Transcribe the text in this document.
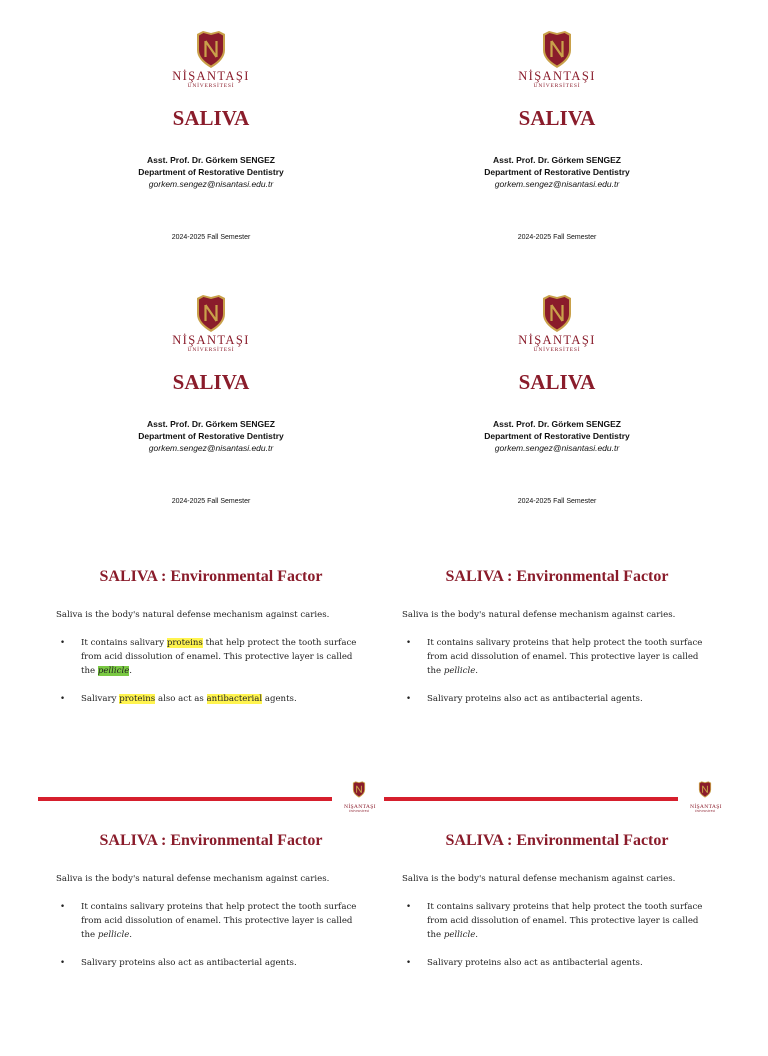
NİŞANTAŞI
ÜNİVERSİTESİ
SALIVA
Asst. Prof. Dr. Görkem SENGEZ
Department of Restorative Dentistry
gorkem.sengez@nisantasi.edu.tr
2024-2025 Fall Semester
NİŞANTAŞI
ÜNİVERSİTESİ
SALIVA
Asst. Prof. Dr. Görkem SENGEZ
Department of Restorative Dentistry
gorkem.sengez@nisantasi.edu.tr
2024-2025 Fall Semester
NİŞANTAŞI
ÜNİVERSİTESİ
SALIVA
Asst. Prof. Dr. Görkem SENGEZ
Department of Restorative Dentistry
gorkem.sengez@nisantasi.edu.tr
2024-2025 Fall Semester
NİŞANTAŞI
ÜNİVERSİTESİ
SALIVA
Asst. Prof. Dr. Görkem SENGEZ
Department of Restorative Dentistry
gorkem.sengez@nisantasi.edu.tr
2024-2025 Fall Semester
SALIVA : Environmental Factor
Saliva is the body's natural defense mechanism against caries.
• It contains salivary proteins that help protect the tooth surface from acid dissolution of enamel. This protective layer is called the pellicle.
• Salivary proteins also act as antibacterial agents.
SALIVA : Environmental Factor
Saliva is the body's natural defense mechanism against caries.
• It contains salivary proteins that help protect the tooth surface from acid dissolution of enamel. This protective layer is called the pellicle.
• Salivary proteins also act as antibacterial agents.
NİŞANTAŞI
ÜNİVERSİTESİ
NİŞANTAŞI
ÜNİVERSİTESİ
SALIVA : Environmental Factor
Saliva is the body's natural defense mechanism against caries.
• It contains salivary proteins that help protect the tooth surface from acid dissolution of enamel. This protective layer is called the pellicle.
• Salivary proteins also act as antibacterial agents.
SALIVA : Environmental Factor
Saliva is the body's natural defense mechanism against caries.
• It contains salivary proteins that help protect the tooth surface from acid dissolution of enamel. This protective layer is called the pellicle.
• Salivary proteins also act as antibacterial agents.
